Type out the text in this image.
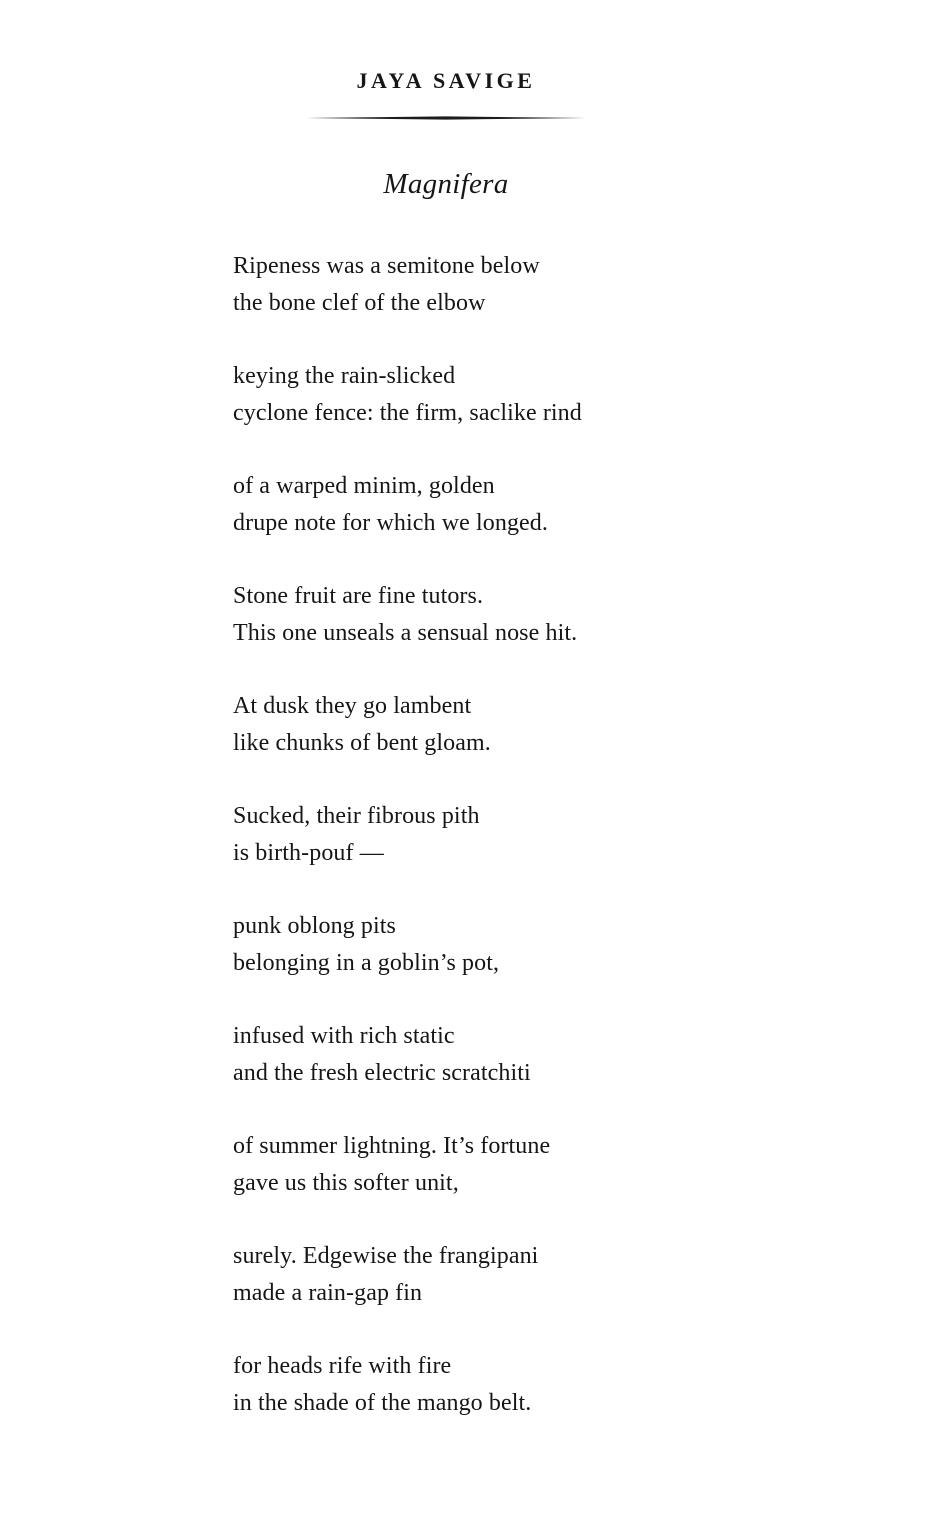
JAYA SAVIGE
Magnifera

Ripeness was a semitone below
the bone clef of the elbow

keying the rain-slicked
cyclone fence: the firm, saclike rind

of a warped minim, golden
drupe note for which we longed.

Stone fruit are fine tutors.
This one unseals a sensual nose hit.

At dusk they go lambent
like chunks of bent gloam.

Sucked, their fibrous pith
is birth-pouf —

punk oblong pits
belonging in a goblin’s pot,

infused with rich static
and the fresh electric scratchiti

of summer lightning. It’s fortune
gave us this softer unit,

surely. Edgewise the frangipani
made a rain-gap fin

for heads rife with fire
in the shade of the mango belt.
